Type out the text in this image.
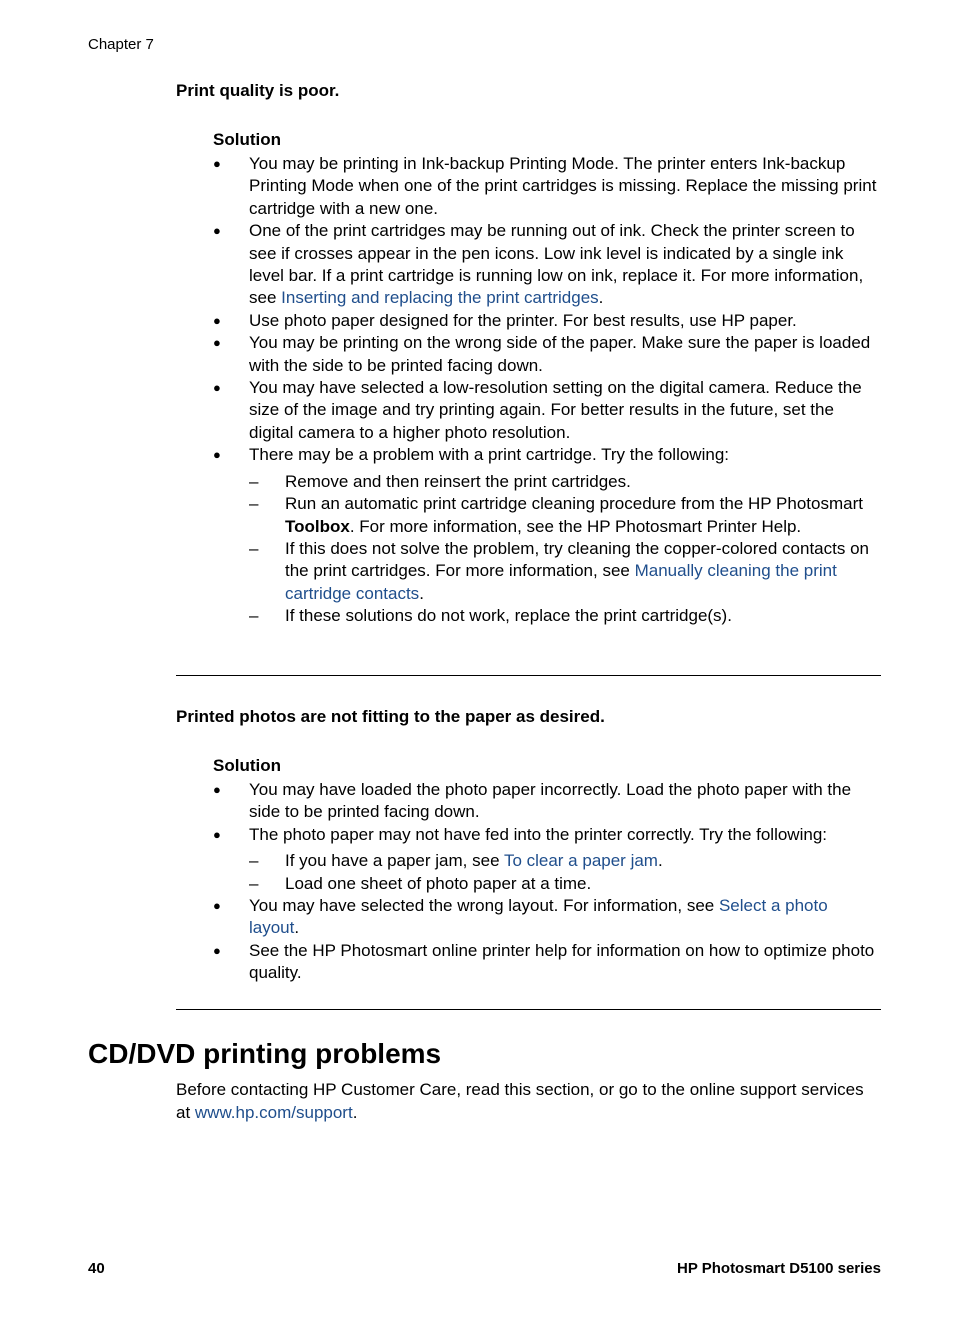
Chapter 7
Print quality is poor.
Solution
● You may be printing in Ink-backup Printing Mode. The printer enters Ink-backup Printing Mode when one of the print cartridges is missing. Replace the missing print cartridge with a new one.
● One of the print cartridges may be running out of ink. Check the printer screen to see if crosses appear in the pen icons. Low ink level is indicated by a single ink level bar. If a print cartridge is running low on ink, replace it. For more information, see Inserting and replacing the print cartridges.
● Use photo paper designed for the printer. For best results, use HP paper.
● You may be printing on the wrong side of the paper. Make sure the paper is loaded with the side to be printed facing down.
● You may have selected a low-resolution setting on the digital camera. Reduce the size of the image and try printing again. For better results in the future, set the digital camera to a higher photo resolution.
● There may be a problem with a print cartridge. Try the following:
– Remove and then reinsert the print cartridges.
– Run an automatic print cartridge cleaning procedure from the HP Photosmart Toolbox. For more information, see the HP Photosmart Printer Help.
– If this does not solve the problem, try cleaning the copper-colored contacts on the print cartridges. For more information, see Manually cleaning the print cartridge contacts.
– If these solutions do not work, replace the print cartridge(s).
Printed photos are not fitting to the paper as desired.
Solution
● You may have loaded the photo paper incorrectly. Load the photo paper with the side to be printed facing down.
● The photo paper may not have fed into the printer correctly. Try the following:
– If you have a paper jam, see To clear a paper jam.
– Load one sheet of photo paper at a time.
● You may have selected the wrong layout. For information, see Select a photo layout.
● See the HP Photosmart online printer help for information on how to optimize photo quality.
CD/DVD printing problems
Before contacting HP Customer Care, read this section, or go to the online support services at www.hp.com/support.
40	HP Photosmart D5100 series
